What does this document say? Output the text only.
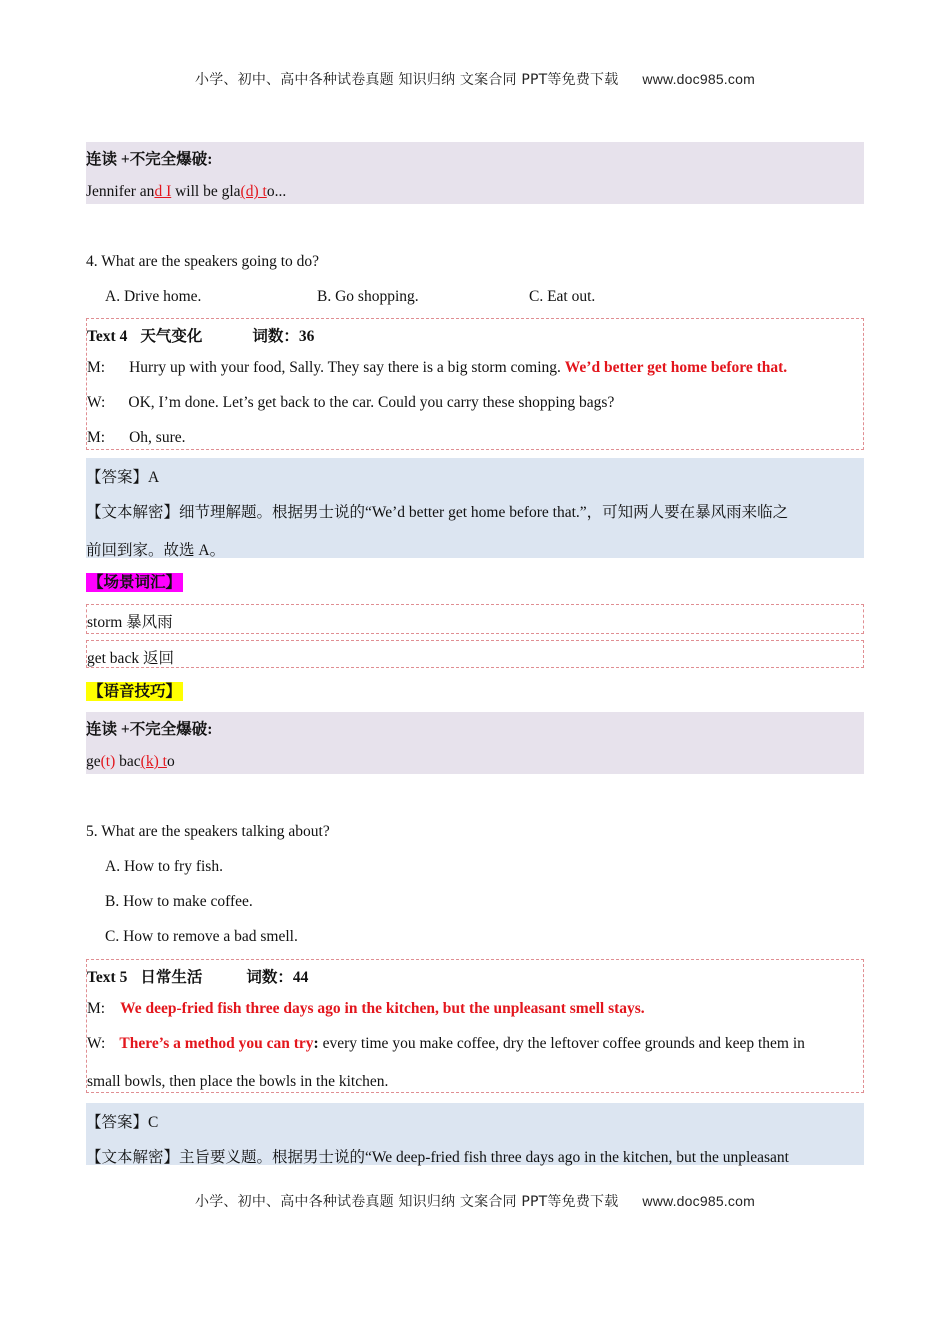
小学、初中、高中各种试卷真题 知识归纳 文案合同 PPT等免费下载 www.doc985.com
连读 +不完全爆破:
Jennifer and I will be gla(d) to...
4. What are the speakers going to do?
A. Drive home.	B. Go shopping.	C. Eat out.
Text 4 天气变化	词数：36
M: Hurry up with your food, Sally. They say there is a big storm coming. We’d better get home before that.
W: OK, I’m done. Let’s get back to the car. Could you carry these shopping bags?
M: Oh, sure.
【答案】A
【文本解密】细节理解题。根据男士说的“We’d better get home before that.”，可知两人要在暴风雨来临之
前回到家。故选 A。
【场景词汇】
storm 暴风雨
get back 返回
【语音技巧】
连读 +不完全爆破:
ge(t) bac(k) to
5. What are the speakers talking about?
A. How to fry fish.
B. How to make coffee.
C. How to remove a bad smell.
Text 5 日常生活	词数：44
M: We deep-fried fish three days ago in the kitchen, but the unpleasant smell stays.
W: There’s a method you can try: every time you make coffee, dry the leftover coffee grounds and keep them in
small bowls, then place the bowls in the kitchen.
【答案】C
【文本解密】主旨要义题。根据男士说的“We deep-fried fish three days ago in the kitchen, but the unpleasant
小学、初中、高中各种试卷真题 知识归纳 文案合同 PPT等免费下载 www.doc985.com
